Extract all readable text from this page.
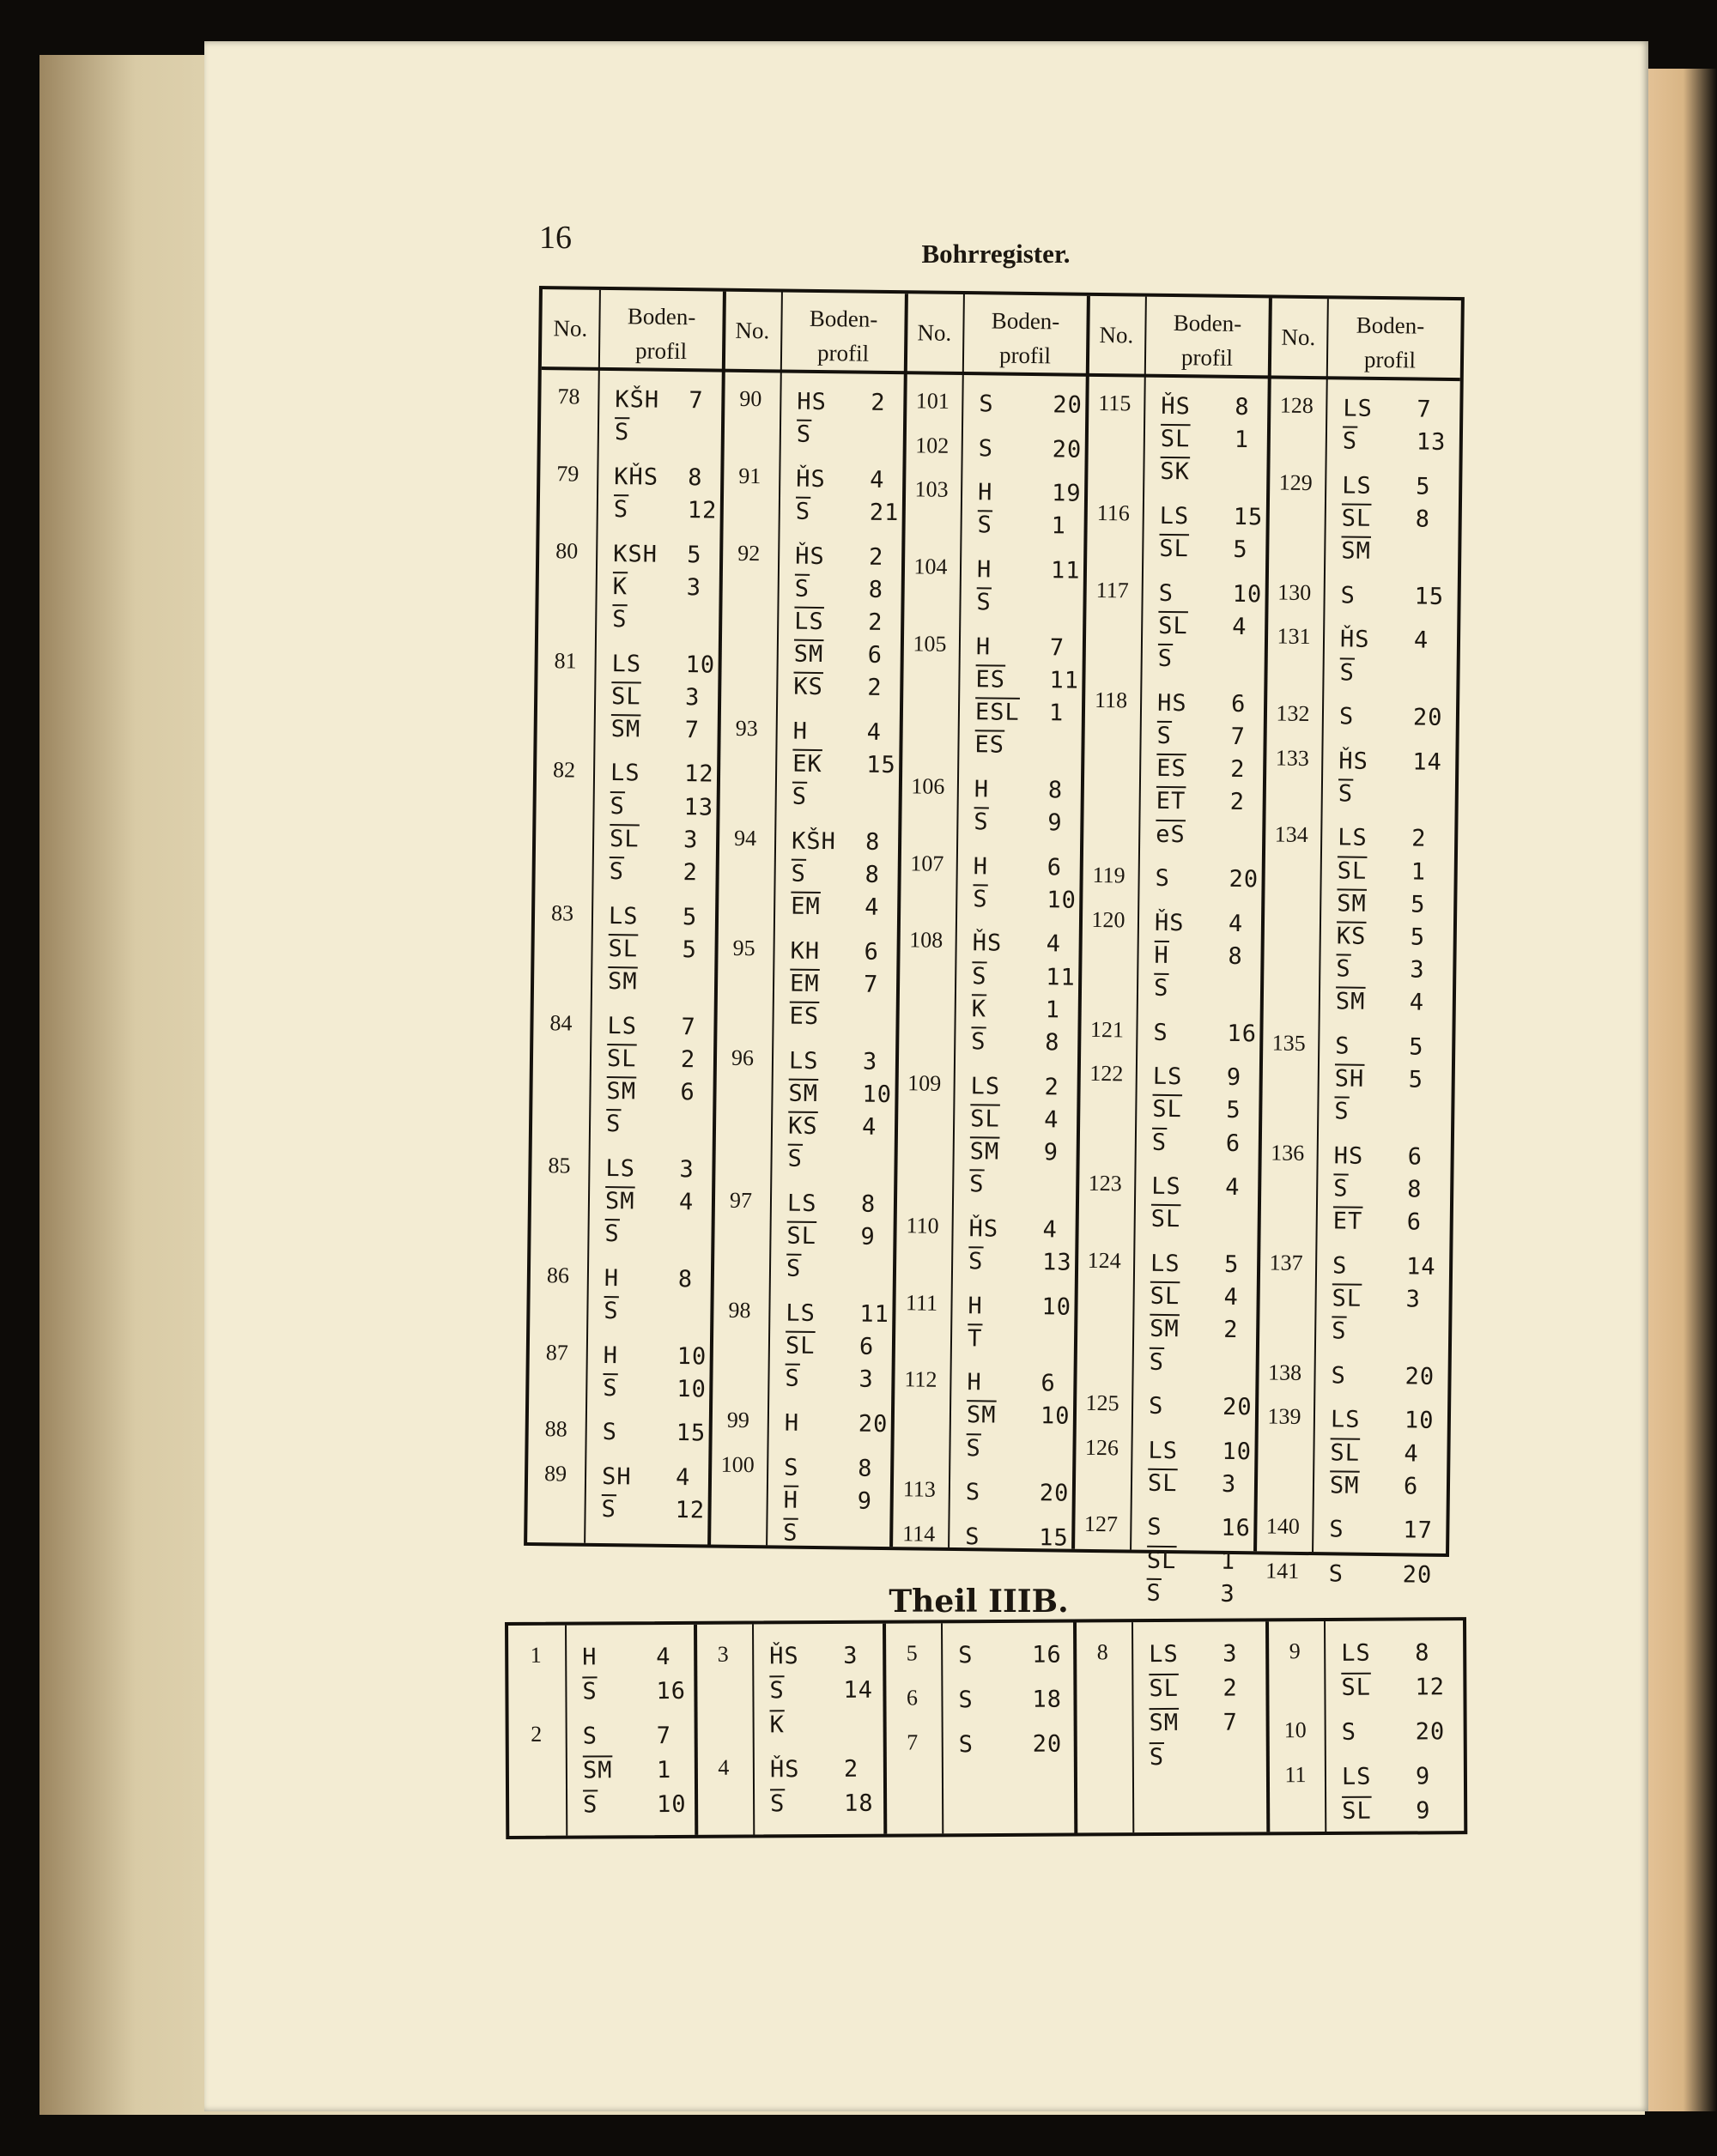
16	Bohrregister.
No.	Boden-
profil
78	KŠH 7
$\overline{S}$
79	KȞS 8
$\overline{S}$	12
80	KSH 5
$\overline{K}$	3
$\overline{S}$
81	LS 10
$\overline{SL}$ 3
$\overline{SM}$ 7
82	LS 12
$\overline{S}$	13
$\overline{SL}$ 3
$\overline{S}$	2
83	LS 5
$\overline{SL}$ 5
$\overline{SM}$
84	LS 7
$\overline{SL}$ 2
$\overline{SM}$ 6
$\overline{S}$
85	LS 3
$\overline{SM}$ 4
$\overline{S}$
86	H	8
$\overline{S}$
87	H	10
$\overline{S}$	10
88	S	15
89	SH 4
$\overline{S}$	12
No.	Boden-
profil
90	HS 2
$\overline{S}$
91	ȞS 4
$\overline{S}$	21
92	ȞS 2
$\overline{S}$	8
$\overline{LS}$ 2
$\overline{SM}$ 6
$\overline{KS}$ 2
93	H	4
$\overline{EK}$ 15
$\overline{S}$
94	KŠH 8
$\overline{S}$	8
$\overline{EM}$ 4
95	KH 6
$\overline{EM}$ 7
$\overline{ES}$
96	LS 3
$\overline{SM}$ 10
$\overline{KS}$ 4
$\overline{S}$
97	LS 8
$\overline{SL}$ 9
$\overline{S}$
98	LS 11
$\overline{SL}$ 6
$\overline{S}$	3
99	H	20
100	S	8
$\overline{H}$	9
$\overline{S}$
No.	Boden-
profil
101	S	20
102	S	20
103	H	19
$\overline{S}$	1
104	H	11
$\overline{S}$
105	H	7
$\overline{ES}$ 11
$\overline{ESL}$ 1
$\overline{ES}$
106	H	8
$\overline{S}$	9
107	H	6
$\overline{S}$	10
108	ȞS 4
$\overline{S}$	11
$\overline{K}$	1
$\overline{S}$	8
109	LS 2
$\overline{SL}$ 4
$\overline{SM}$ 9
$\overline{S}$
110	ȞS 4
$\overline{S}$	13
111	H	10
$\overline{T}$
112	H	6
$\overline{SM}$ 10
$\overline{S}$
113	S	20
114	S	15
No.	Boden-
profil
115	ȞS 8
$\overline{SL}$ 1
$\overline{SK}$
116	LS 15
$\overline{SL}$ 5
117	S	10
$\overline{SL}$ 4
$\overline{S}$
118	HS 6
$\overline{S}$	7
$\overline{ES}$ 2
$\overline{ET}$ 2
$\overline{eS}$
119	S	20
120	ȞS 4
$\overline{H}$	8
$\overline{S}$
121	S	16
122	LS 9
$\overline{SL}$ 5
$\overline{S}$	6
123	LS 4
$\overline{SL}$
124	LS 5
$\overline{SL}$ 4
$\overline{SM}$ 2
$\overline{S}$
125	S	20
126	LS 10
$\overline{SL}$ 3
127	S	16
$\overline{SL}$ 1
$\overline{S}$	3
No.	Boden-
profil
128	LS 7
$\overline{S}$	13
129	LS 5
$\overline{SL}$ 8
$\overline{SM}$
130	S	15
131	ȞS 4
$\overline{S}$
132	S	20
133	ȞS 14
$\overline{S}$
134	LS 2
$\overline{SL}$ 1
$\overline{SM}$ 5
$\overline{KS}$ 5
$\overline{S}$	3
$\overline{SM}$ 4
135	S	5
$\overline{SH}$ 5
$\overline{S}$
136	HS 6
$\overline{S}$	8
$\overline{ET}$ 6
137	S	14
$\overline{SL}$ 3
$\overline{S}$
138	S	20
139	LS 10
$\overline{SL}$ 4
$\overline{SM}$ 6
140	S	17
141	S	20
Theil IIIB.
1	H	4
$\overline{S}$	16
2	S	7
$\overline{SM}$ 1
$\overline{S}$	10
3	ȞS 3
$\overline{S}$	14
$\overline{K}$
4	ȞS 2
$\overline{S}$	18
5	S	16
6	S	18
7	S	20
8	LS 3
$\overline{SL}$ 2
$\overline{SM}$ 7
$\overline{S}$
9	LS 8
$\overline{SL}$ 12
10	S	20
11	LS 9
$\overline{SL}$ 9
